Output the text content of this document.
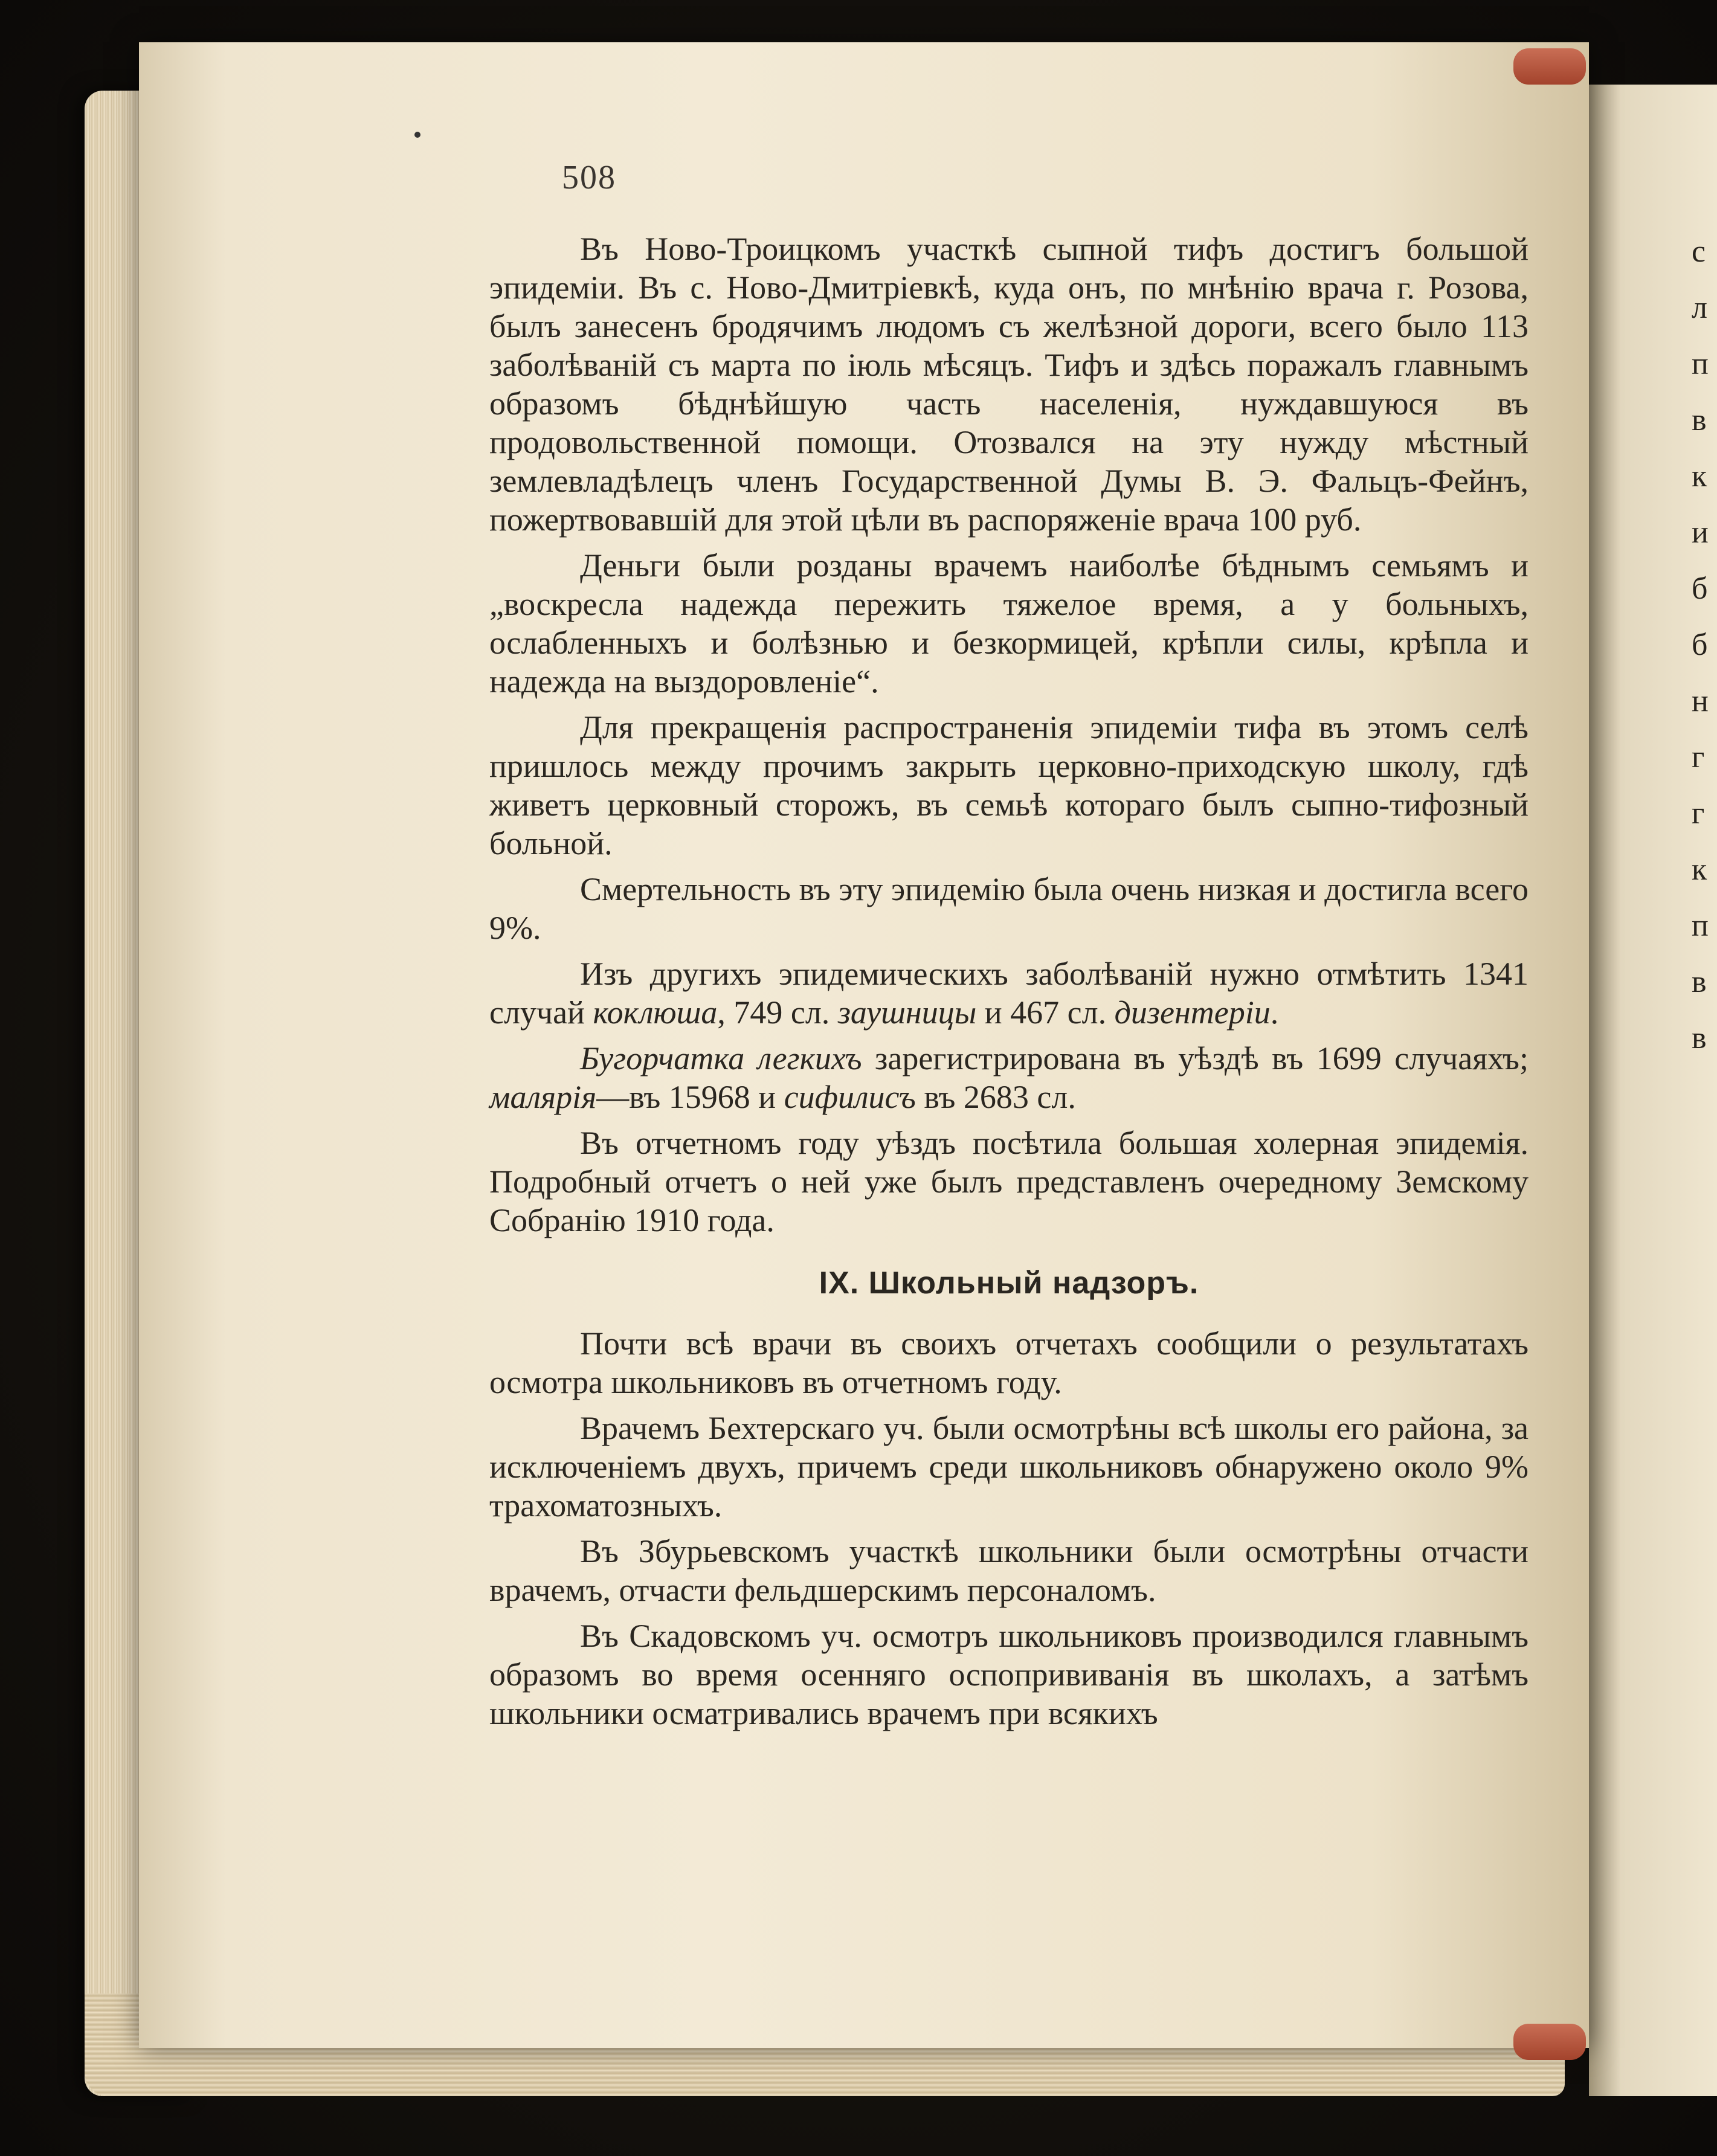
с
л
п
в
к
и
б
б
н
г
г
к
п
в
в
508

Въ Ново-Троицкомъ участкѣ сыпной тифъ достигъ большой эпидеміи. Въ с. Ново-Дмитріевкѣ, куда онъ, по мнѣнію врача г. Розова, былъ занесенъ бродячимъ людомъ съ желѣзной дороги, всего было 113 заболѣваній съ марта по іюль мѣсяцъ. Тифъ и здѣсь поражалъ главнымъ образомъ бѣднѣйшую часть населенія, нуждавшуюся въ продовольственной помощи. Отозвался на эту нужду мѣстный землевладѣлецъ членъ Государственной Думы В. Э. Фальцъ-Фейнъ, пожертвовавшій для этой цѣли въ распоряженіе врача 100 руб.

Деньги были розданы врачемъ наиболѣе бѣднымъ семьямъ и „воскресла надежда пережить тяжелое время, а у больныхъ, ослабленныхъ и болѣзнью и безкормицей, крѣпли силы, крѣпла и надежда на выздоровленіе“.

Для прекращенія распространенія эпидеміи тифа въ этомъ селѣ пришлось между прочимъ закрыть церковно-приходскую школу, гдѣ живетъ церковный сторожъ, въ семьѣ котораго былъ сыпно-тифозный больной.

Смертельность въ эту эпидемію была очень низкая и достигла всего 9%.

Изъ другихъ эпидемическихъ заболѣваній нужно отмѣтить 1341 случай коклюша, 749 сл. заушницы и 467 сл. дизентеріи.

Бугорчатка легкихъ зарегистрирована въ уѣздѣ въ 1699 случаяхъ; малярія—въ 15968 и сифилисъ въ 2683 сл.

Въ отчетномъ году уѣздъ посѣтила большая холерная эпидемія. Подробный отчетъ о ней уже былъ представленъ очередному Земскому Собранію 1910 года.

IX. Школьный надзоръ.

Почти всѣ врачи въ своихъ отчетахъ сообщили о результатахъ осмотра школьниковъ въ отчетномъ году.

Врачемъ Бехтерскаго уч. были осмотрѣны всѣ школы его района, за исключеніемъ двухъ, причемъ среди школьниковъ обнаружено около 9% трахоматозныхъ.

Въ Збурьевскомъ участкѣ школьники были осмотрѣны отчасти врачемъ, отчасти фельдшерскимъ персоналомъ.

Въ Скадовскомъ уч. осмотръ школьниковъ производился главнымъ образомъ во время осенняго оспопрививанія въ школахъ, а затѣмъ школьники осматривались врачемъ при всякихъ
